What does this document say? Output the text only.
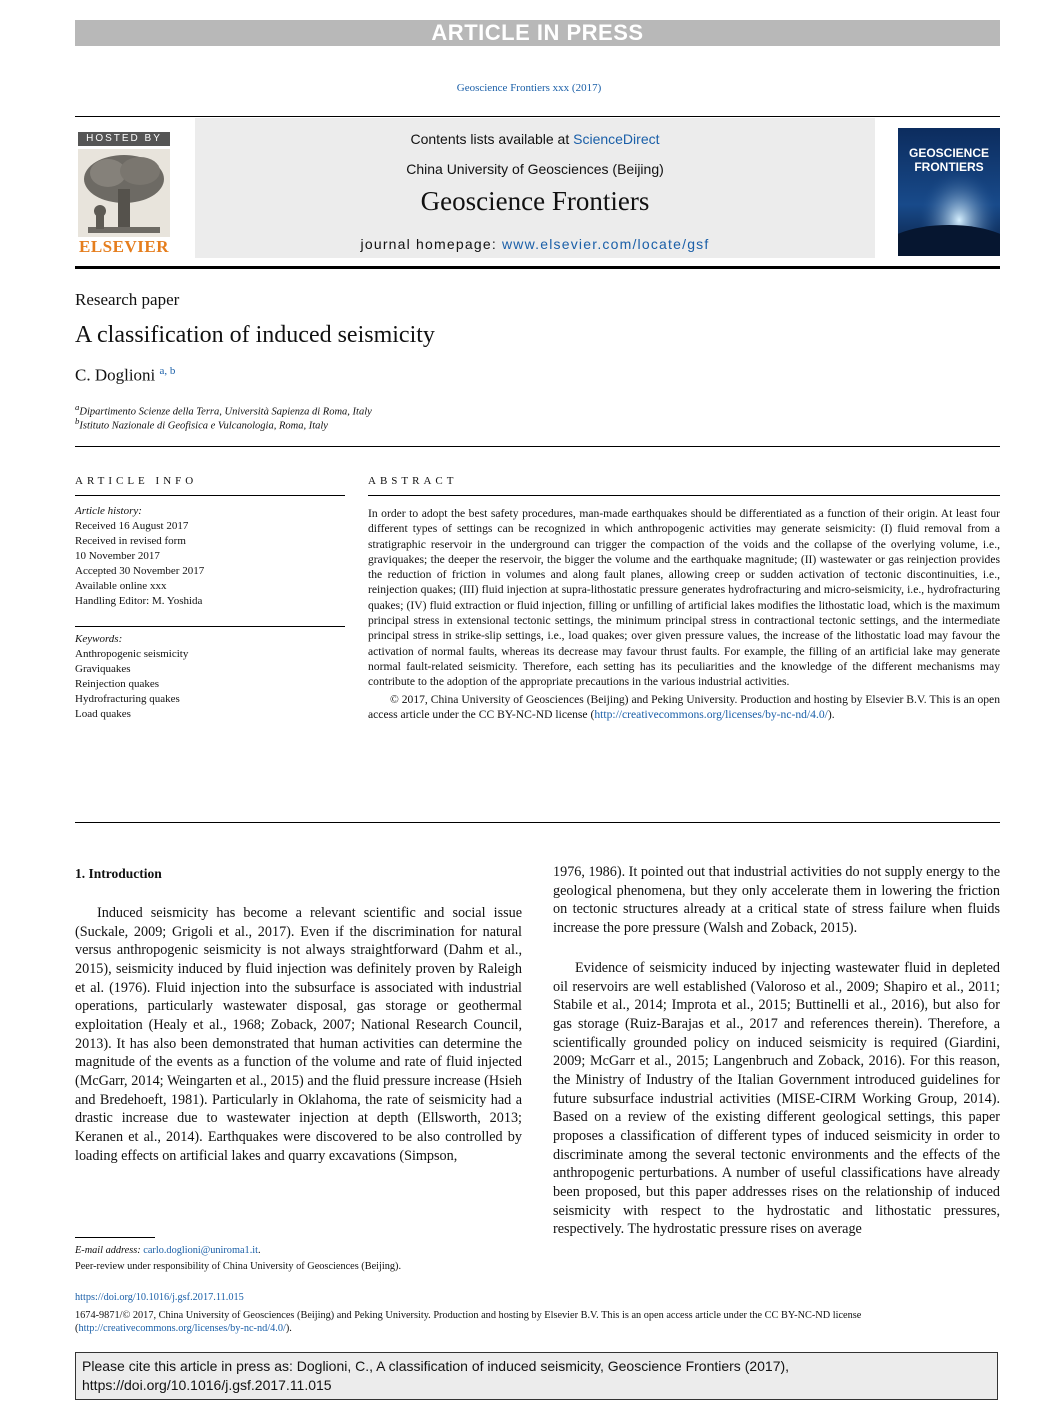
ARTICLE IN PRESS
Geoscience Frontiers xxx (2017)
HOSTED BY
ELSEVIER
Contents lists available at ScienceDirect
China University of Geosciences (Beijing)
Geoscience Frontiers
journal homepage: www.elsevier.com/locate/gsf
GEOSCIENCE FRONTIERS
Research paper
A classification of induced seismicity
C. Doglioni $^{a, b}$
$^a$Dipartimento Scienze della Terra, Università Sapienza di Roma, Italy
$^b$Istituto Nazionale di Geofisica e Vulcanologia, Roma, Italy
ARTICLE INFO
Article history:
Received 16 August 2017
Received in revised form
10 November 2017
Accepted 30 November 2017
Available online xxx
Handling Editor: M. Yoshida
Keywords:
Anthropogenic seismicity
Graviquakes
Reinjection quakes
Hydrofracturing quakes
Load quakes
ABSTRACT

In order to adopt the best safety procedures, man-made earthquakes should be differentiated as a function of their origin. At least four different types of settings can be recognized in which anthropogenic activities may generate seismicity: (I) fluid removal from a stratigraphic reservoir in the underground can trigger the compaction of the voids and the collapse of the overlying volume, i.e., graviquakes; the deeper the reservoir, the bigger the volume and the earthquake magnitude; (II) wastewater or gas reinjection provides the reduction of friction in volumes and along fault planes, allowing creep or sudden activation of tectonic discontinuities, i.e., reinjection quakes; (III) fluid injection at supra-lithostatic pressure generates hydrofracturing and micro-seismicity, i.e., hydrofracturing quakes; (IV) fluid extraction or fluid injection, filling or unfilling of artificial lakes modifies the lithostatic load, which is the maximum principal stress in extensional tectonic settings, the minimum principal stress in contractional tectonic settings, and the intermediate principal stress in strike-slip settings, i.e., load quakes; over given pressure values, the increase of the lithostatic load may favour the activation of normal faults, whereas its decrease may favour thrust faults. For example, the filling of an artificial lake may generate normal fault-related seismicity. Therefore, each setting has its peculiarities and the knowledge of the different mechanisms may contribute to the adoption of the appropriate precautions in the various industrial activities.

© 2017, China University of Geosciences (Beijing) and Peking University. Production and hosting by Elsevier B.V. This is an open access article under the CC BY-NC-ND license (http://creativecommons.org/licenses/by-nc-nd/4.0/).

1. Introduction
Induced seismicity has become a relevant scientific and social issue (Suckale, 2009; Grigoli et al., 2017). Even if the discrimination for natural versus anthropogenic seismicity is not always straightforward (Dahm et al., 2015), seismicity induced by fluid injection was definitely proven by Raleigh et al. (1976). Fluid injection into the subsurface is associated with industrial operations, particularly wastewater disposal, gas storage or geothermal exploitation (Healy et al., 1968; Zoback, 2007; National Research Council, 2013). It has also been demonstrated that human activities can determine the magnitude of the events as a function of the volume and rate of fluid injected (McGarr, 2014; Weingarten et al., 2015) and the fluid pressure increase (Hsieh and Bredehoeft, 1981). Particularly in Oklahoma, the rate of seismicity had a drastic increase due to wastewater injection at depth (Ellsworth, 2013; Keranen et al., 2014). Earthquakes were discovered to be also controlled by loading effects on artificial lakes and quarry excavations (Simpson,
1976, 1986). It pointed out that industrial activities do not supply energy to the geological phenomena, but they only accelerate them in lowering the friction on tectonic structures already at a critical state of stress failure when fluids increase the pore pressure (Walsh and Zoback, 2015).
Evidence of seismicity induced by injecting wastewater fluid in depleted oil reservoirs are well established (Valoroso et al., 2009; Shapiro et al., 2011; Stabile et al., 2014; Improta et al., 2015; Buttinelli et al., 2016), but also for gas storage (Ruiz-Barajas et al., 2017 and references therein). Therefore, a scientifically grounded policy on induced seismicity is required (Giardini, 2009; McGarr et al., 2015; Langenbruch and Zoback, 2016). For this reason, the Ministry of Industry of the Italian Government introduced guidelines for future subsurface industrial activities (MISE-CIRM Working Group, 2014). Based on a review of the existing different geological settings, this paper proposes a classification of different types of induced seismicity in order to discriminate among the several tectonic environments and the effects of the anthropogenic perturbations. A number of useful classifications have already been proposed, but this paper addresses rises on the relationship of induced seismicity with respect to the hydrostatic and lithostatic pressures, respectively. The hydrostatic pressure rises on average
E-mail address: carlo.doglioni@uniroma1.it.
Peer-review under responsibility of China University of Geosciences (Beijing).
https://doi.org/10.1016/j.gsf.2017.11.015
1674-9871/© 2017, China University of Geosciences (Beijing) and Peking University. Production and hosting by Elsevier B.V. This is an open access article under the CC BY-NC-ND license (http://creativecommons.org/licenses/by-nc-nd/4.0/).
Please cite this article in press as: Doglioni, C., A classification of induced seismicity, Geoscience Frontiers (2017), https://doi.org/10.1016/j.gsf.2017.11.015
